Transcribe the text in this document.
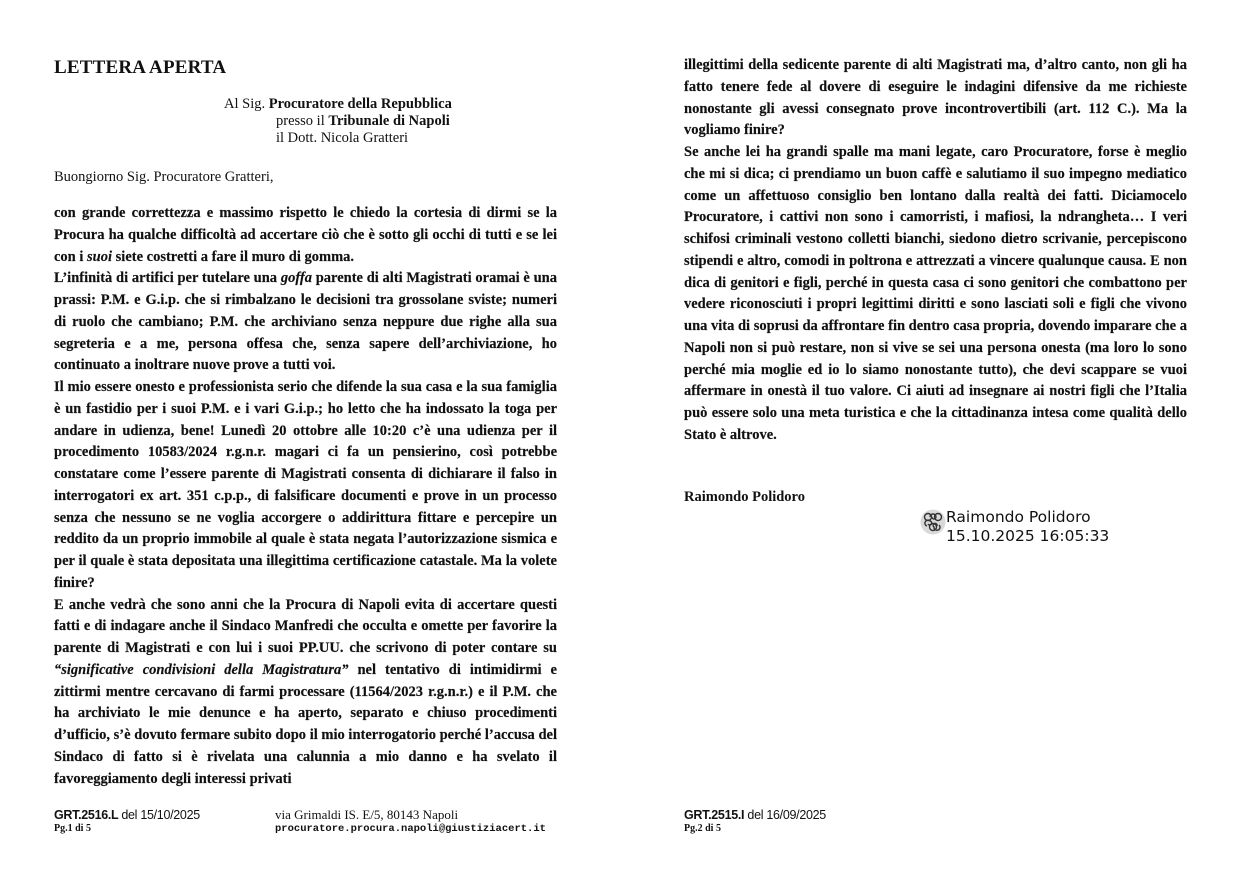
LETTERA APERTA
Al Sig. Procuratore della Repubblica
presso il Tribunale di Napoli
il Dott. Nicola Gratteri
Buongiorno Sig. Procuratore Gratteri,

con grande correttezza e massimo rispetto le chiedo la cortesia di dirmi se la Procura ha qualche difficoltà ad accertare ciò che è sotto gli occhi di tutti e se lei con i suoi siete costretti a fare il muro di gomma.

L’infinità di artifici per tutelare una goffa parente di alti Magistrati oramai è una prassi: P.M. e G.i.p. che si rimbalzano le decisioni tra grossolane sviste; numeri di ruolo che cambiano; P.M. che archiviano senza neppure due righe alla sua segreteria e a me, persona offesa che, senza sapere dell’archiviazione, ho continuato a inoltrare nuove prove a tutti voi.

Il mio essere onesto e professionista serio che difende la sua casa e la sua famiglia è un fastidio per i suoi P.M. e i vari G.i.p.; ho letto che ha indossato la toga per andare in udienza, bene! Lunedì 20 ottobre alle 10:20 c’è una udienza per il procedimento 10583/2024 r.g.n.r. magari ci fa un pensierino, così potrebbe constatare come l’essere parente di Magistrati consenta di dichiarare il falso in interrogatori ex art. 351 c.p.p., di falsificare documenti e prove in un processo senza che nessuno se ne voglia accorgere o addirittura fittare e percepire un reddito da un proprio immobile al quale è stata negata l’autorizzazione sismica e per il quale è stata depositata una illegittima certificazione catastale. Ma la volete finire?

E anche vedrà che sono anni che la Procura di Napoli evita di accertare questi fatti e di indagare anche il Sindaco Manfredi che occulta e omette per favorire la parente di Magistrati e con lui i suoi PP.UU. che scrivono di poter contare su “significative condivisioni della Magistratura” nel tentativo di intimidirmi e zittirmi mentre cercavano di farmi processare (11564/2023 r.g.n.r.) e il P.M. che ha archiviato le mie denunce e ha aperto, separato e chiuso procedimenti d’ufficio, s’è dovuto fermare subito dopo il mio interrogatorio perché l’accusa del Sindaco di fatto si è rivelata una calunnia a mio danno e ha svelato il favoreggiamento degli interessi privati

GRT.2516.L del 15/10/2025
Pg.1 di 5
via Grimaldi IS. E/5, 80143 Napoli
procuratore.procura.napoli@giustiziacert.it

illegittimi della sedicente parente di alti Magistrati ma, d’altro canto, non gli ha fatto tenere fede al dovere di eseguire le indagini difensive da me richieste nonostante gli avessi consegnato prove incontrovertibili (art. 112 C.). Ma la vogliamo finire?

Se anche lei ha grandi spalle ma mani legate, caro Procuratore, forse è meglio che mi si dica; ci prendiamo un buon caffè e salutiamo il suo impegno mediatico come un affettuoso consiglio ben lontano dalla realtà dei fatti. Diciamocelo Procuratore, i cattivi non sono i camorristi, i mafiosi, la ndrangheta… I veri schifosi criminali vestono colletti bianchi, siedono dietro scrivanie, percepiscono stipendi e altro, comodi in poltrona e attrezzati a vincere qualunque causa. E non dica di genitori e figli, perché in questa casa ci sono genitori che combattono per vedere riconosciuti i propri legittimi diritti e sono lasciati soli e figli che vivono una vita di soprusi da affrontare fin dentro casa propria, dovendo imparare che a Napoli non si può restare, non si vive se sei una persona onesta (ma loro lo sono perché mia moglie ed io lo siamo nonostante tutto), che devi scappare se vuoi affermare in onestà il tuo valore. Ci aiuti ad insegnare ai nostri figli che l’Italia può essere solo una meta turistica e che la cittadinanza intesa come qualità dello Stato è altrove.

Raimondo Polidoro
Raimondo Polidoro
15.10.2025 16:05:33
GRT.2515.I del 16/09/2025
Pg.2 di 5
